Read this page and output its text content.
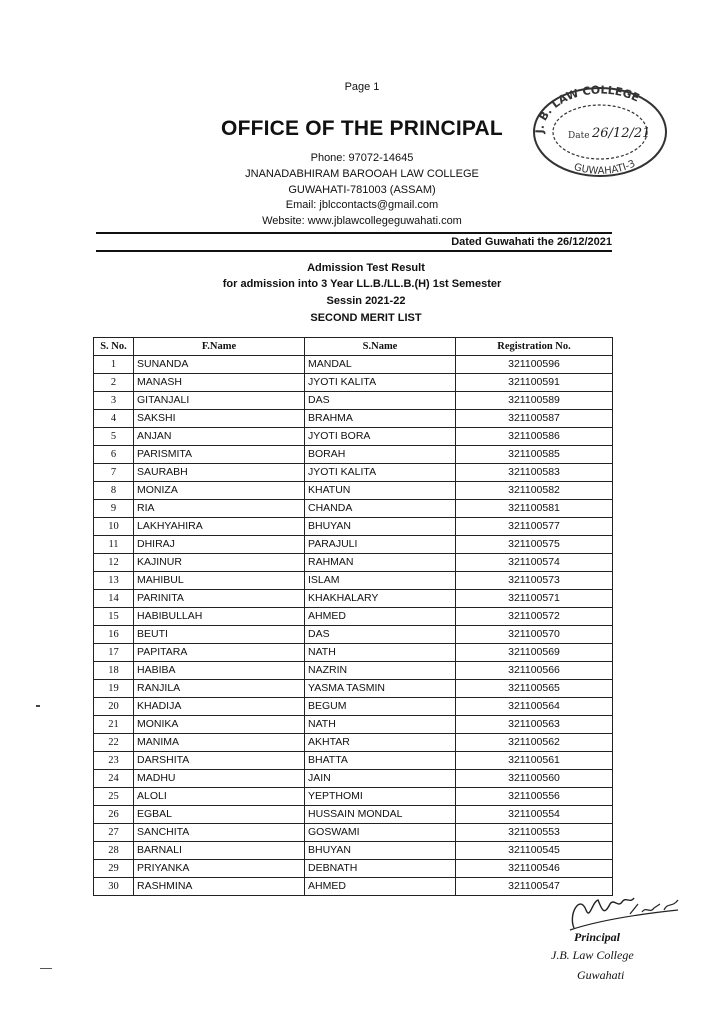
Page 1
OFFICE OF THE PRINCIPAL
Phone: 97072-14645
JNANADABHIRAM BAROOAH LAW COLLEGE
GUWAHATI-781003 (ASSAM)
Email: jblccontacts@gmail.com
Website: www.jblawcollegeguwahati.com
Dated Guwahati the 26/12/2021
Admission Test Result
for admission into 3 Year LL.B./LL.B.(H) 1st Semester
Sessin 2021-22
SECOND MERIT LIST
S. No.	F.Name	S.Name	Registration No.
1	SUNANDA	MANDAL	321100596
2	MANASH	JYOTI KALITA	321100591
3	GITANJALI	DAS	321100589
4	SAKSHI	BRAHMA	321100587
5	ANJAN	JYOTI BORA	321100586
6	PARISMITA	BORAH	321100585
7	SAURABH	JYOTI KALITA	321100583
8	MONIZA	KHATUN	321100582
9	RIA	CHANDA	321100581
10	LAKHYAHIRA	BHUYAN	321100577
11	DHIRAJ	PARAJULI	321100575
12	KAJINUR	RAHMAN	321100574
13	MAHIBUL	ISLAM	321100573
14	PARINITA	KHAKHALARY	321100571
15	HABIBULLAH	AHMED	321100572
16	BEUTI	DAS	321100570
17	PAPITARA	NATH	321100569
18	HABIBA	NAZRIN	321100566
19	RANJILA	YASMA TASMIN	321100565
20	KHADIJA	BEGUM	321100564
21	MONIKA	NATH	321100563
22	MANIMA	AKHTAR	321100562
23	DARSHITA	BHATTA	321100561
24	MADHU	JAIN	321100560
25	ALOLI	YEPTHOMI	321100556
26	EGBAL	HUSSAIN MONDAL	321100554
27	SANCHITA	GOSWAMI	321100553
28	BARNALI	BHUYAN	321100545
29	PRIYANKA	DEBNATH	321100546
30	RASHMINA	AHMED	321100547
J. B. LAW COLLEGE
GUWAHATI-3
Date 26/12/21
Principal
J.B. Law College
Guwahati
